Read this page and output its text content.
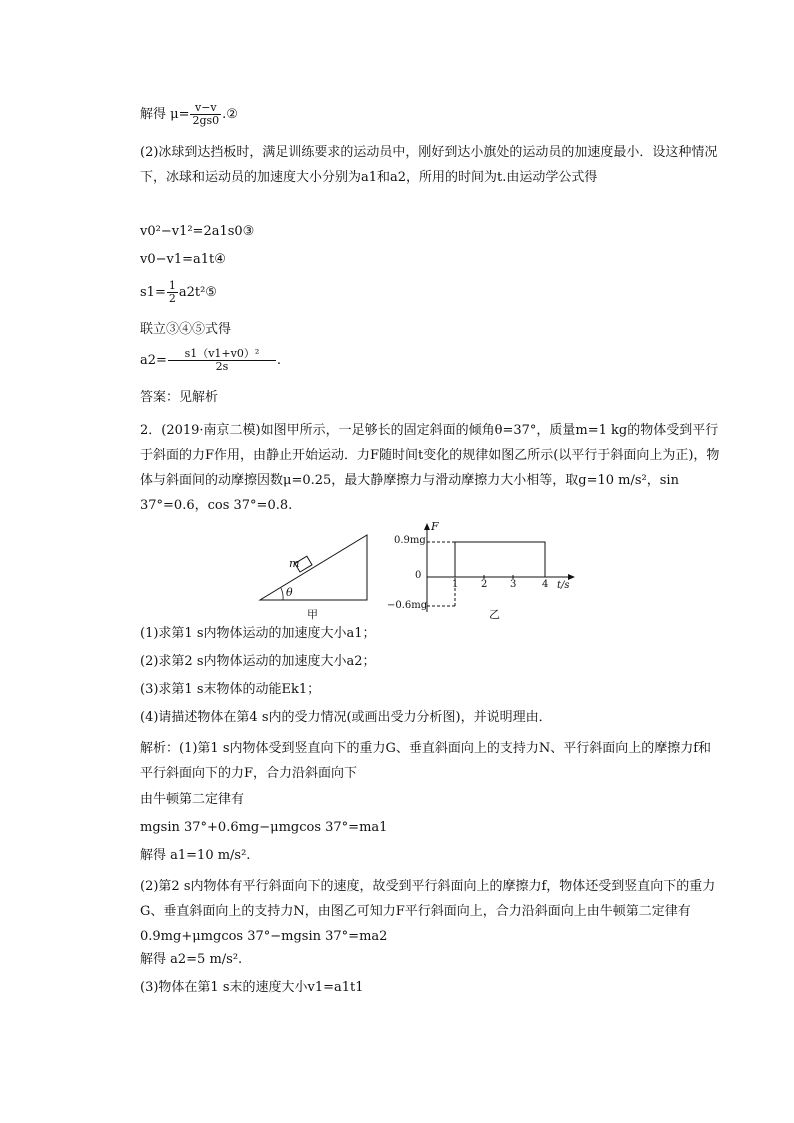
解得 $\mu= \frac{v-v}{2gs0}$ .②
(2)冰球到达挡板时，满足训练要求的运动员中，刚好到达小旗处的运动员的加速度最小．设这种情况下，冰球和运动员的加速度大小分别为a1和a2，所用的时间为t.由运动学公式得
v0²−v1²=2a1s0③
v0−v1=a1t④
$s1= \frac{1}{2}$ a2t²⑤
联立③④⑤式得
$a2= \frac{\text{s1（v1+v0）²}}{2s}$ .
答案：见解析
2．(2019·南京二模)如图甲所示，一足够长的固定斜面的倾角θ=37°，质量m=1 kg的物体受到平行于斜面的力F作用，由静止开始运动．力F随时间t变化的规律如图乙所示(以平行于斜面向上为正)，物体与斜面间的动摩擦因数μ=0.25，最大静摩擦力与滑动摩擦力大小相等，取g=10 m/s²，sin 37°=0.6，cos 37°=0.8.
m
θ
甲
F
t/s
0.9mg
0
−0.6mg
1 2 3	4
乙
(1)求第1 s内物体运动的加速度大小a1；
(2)求第2 s内物体运动的加速度大小a2；
(3)求第1 s末物体的动能Ek1；
(4)请描述物体在第4 s内的受力情况(或画出受力分析图)，并说明理由．
解析：(1)第1 s内物体受到竖直向下的重力G、垂直斜面向上的支持力N、平行斜面向上的摩擦力f和平行斜面向下的力F，合力沿斜面向下
由牛顿第二定律有
mgsin 37°+0.6mg−μmgcos 37°=ma1
解得 a1=10 m/s².
(2)第2 s内物体有平行斜面向下的速度，故受到平行斜面向上的摩擦力f，物体还受到竖直向下的重力G、垂直斜面向上的支持力N，由图乙可知力F平行斜面向上，合力沿斜面向上由牛顿第二定律有 0.9mg+μmgcos 37°−mgsin 37°=ma2
解得 a2=5 m/s².
(3)物体在第1 s末的速度大小v1=a1t1
